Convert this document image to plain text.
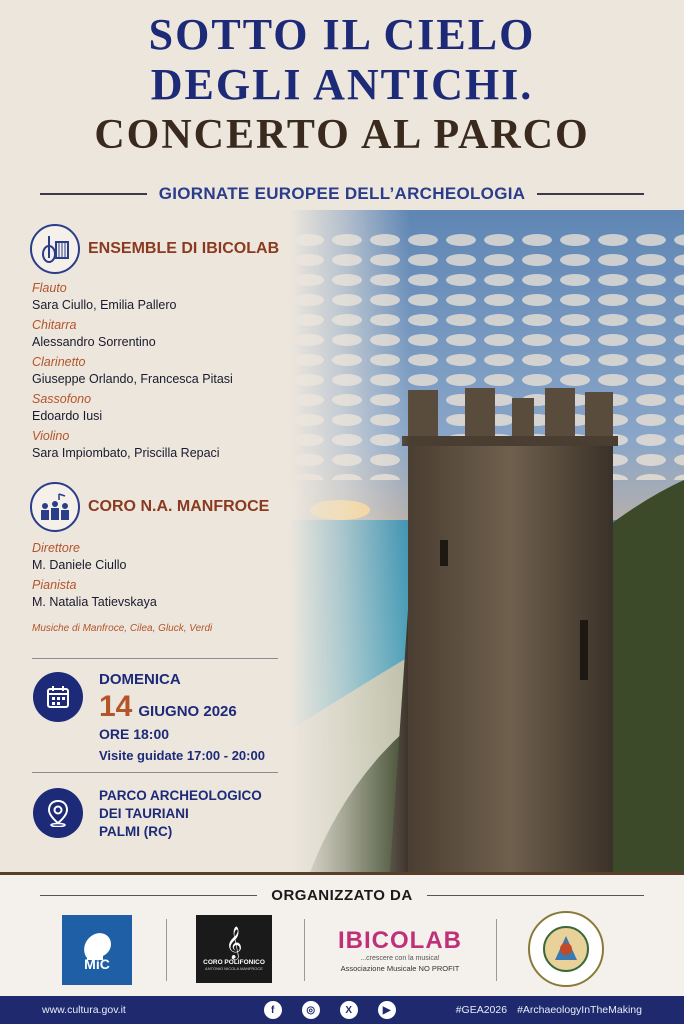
SOTTO IL CIELO
DEGLI ANTICHI.
CONCERTO AL PARCO
GIORNATE EUROPEE DELL’ARCHEOLOGIA
ENSEMBLE DI IBICOLAB
Flauto
Sara Ciullo, Emilia Pallero
Chitarra
Alessandro Sorrentino
Clarinetto
Giuseppe Orlando, Francesca Pitasi
Sassofono
Edoardo Iusi
Violino
Sara Impiombato, Priscilla Repaci
CORO N.A. MANFROCE
Direttore
M. Daniele Ciullo
Pianista
M. Natalia Tatievskaya
Musiche di Manfroce, Cilea, Gluck, Verdi
DOMENICA
14 GIUGNO 2026
ORE 18:00
Visite guidate 17:00 - 20:00
PARCO ARCHEOLOGICO
DEI TAURIANI
PALMI (RC)
ORGANIZZATO DA
MiC
𝄞
CORO POLIFONICO
ANTONIO NICOLA MANFROCE
IBICOLAB
...crescere con la musica!
Associazione Musicale NO PROFIT
www.cultura.gov.it	f	◎	X	▶	#GEA2026 #ArchaeologyInTheMaking
